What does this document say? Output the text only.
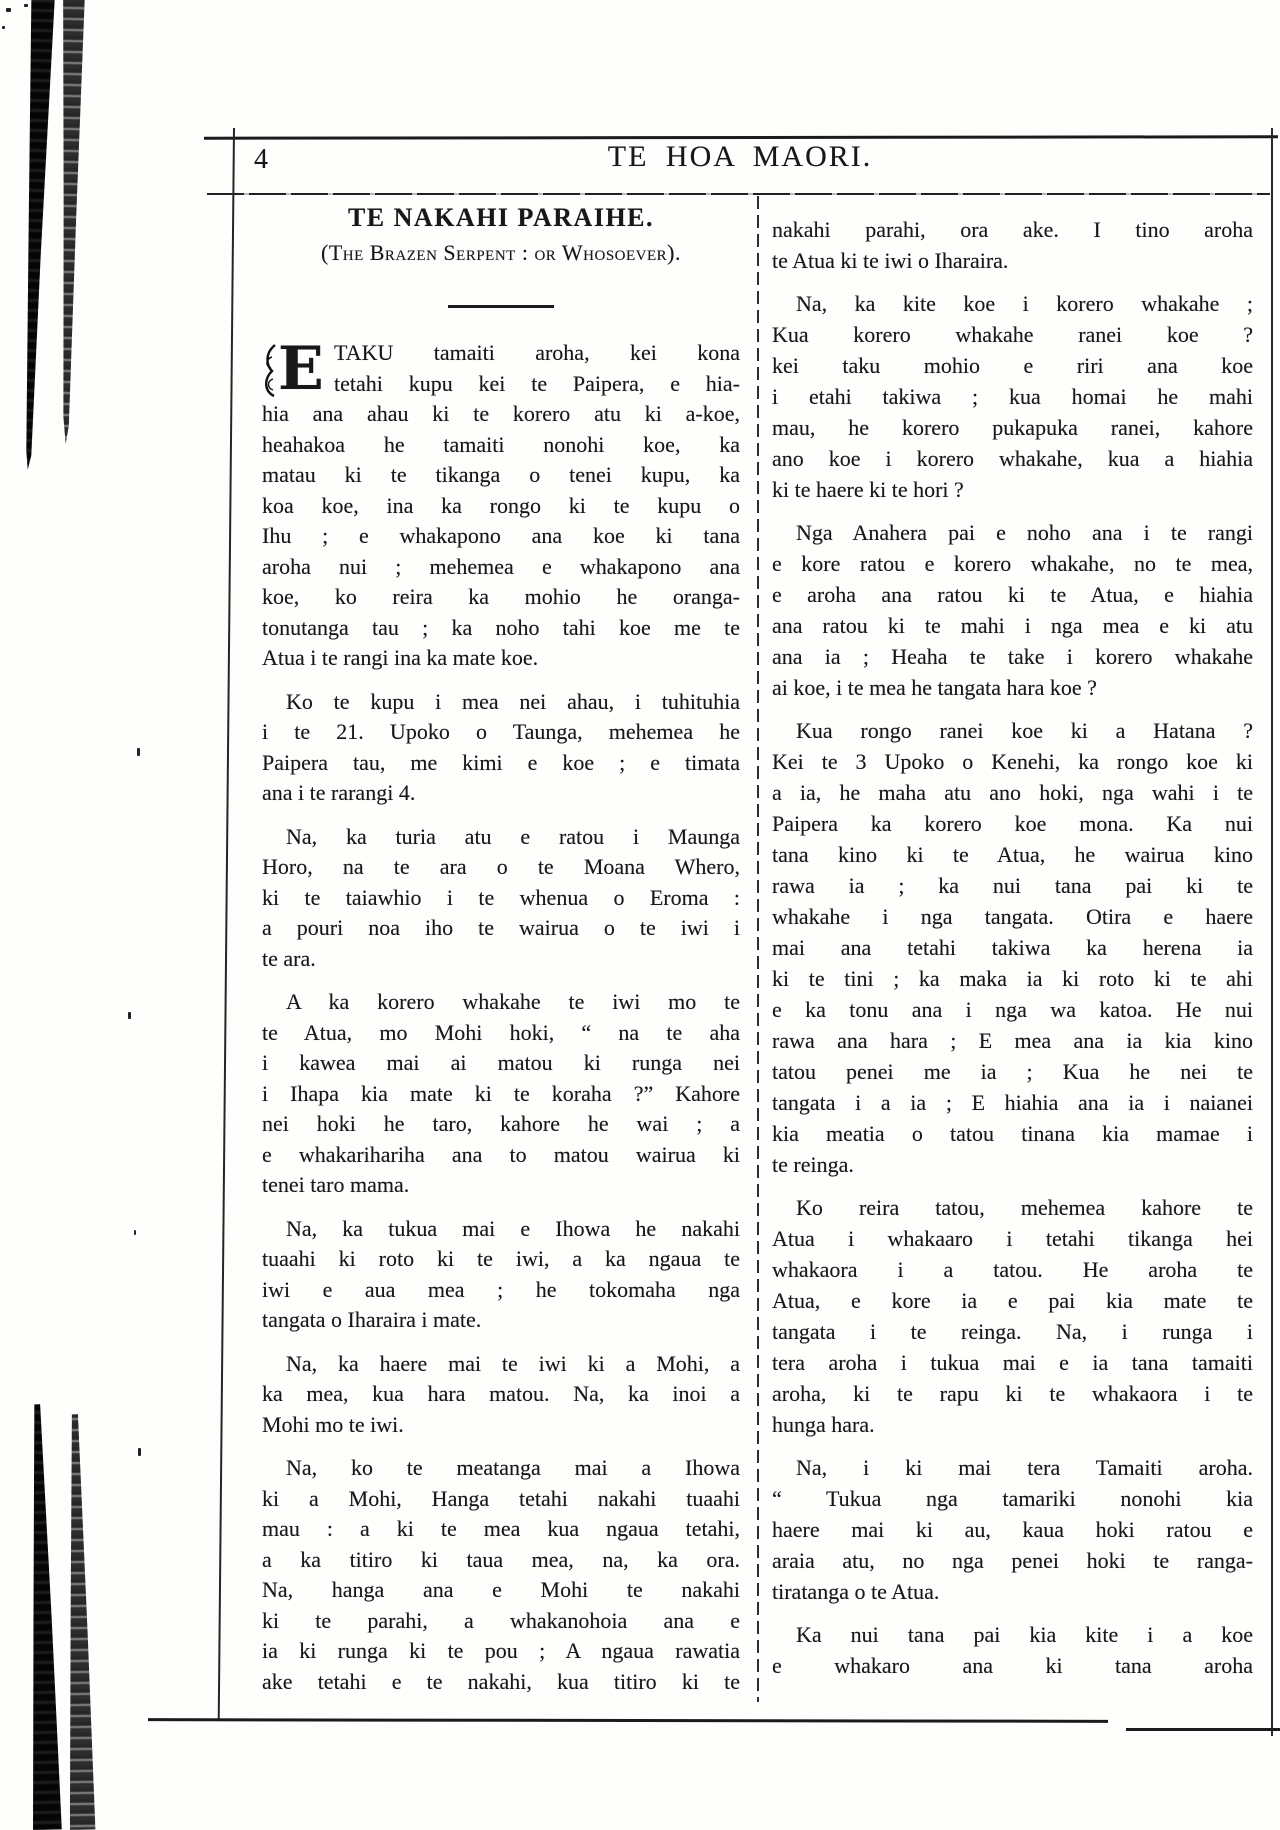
4	TE HOA MAORI.
TE NAKAHI PARAIHE.
(The Brazen Serpent : or Whosoever).
E TAKU tamaiti aroha, kei kona
tetahi kupu kei te Paipera, e hia-
hia ana ahau ki te korero atu ki a-koe,
heahakoa he tamaiti nonohi koe, ka
matau ki te tikanga o tenei kupu, ka
koa koe, ina ka rongo ki te kupu o
Ihu ; e whakapono ana koe ki tana
aroha nui ; mehemea e whakapono ana
koe, ko reira ka mohio he oranga-
tonutanga tau ; ka noho tahi koe me te
Atua i te rangi ina ka mate koe.
Ko te kupu i mea nei ahau, i tuhituhia
i te 21. Upoko o Taunga, mehemea he
Paipera tau, me kimi e koe ; e timata
ana i te rarangi 4.
Na, ka turia atu e ratou i Maunga
Horo, na te ara o te Moana Whero,
ki te taiawhio i te whenua o Eroma :
a pouri noa iho te wairua o te iwi i
te ara.
A ka korero whakahe te iwi mo te
te Atua, mo Mohi hoki, “ na te aha
i kawea mai ai matou ki runga nei
i Ihapa kia mate ki te koraha ?” Kahore
nei hoki he taro, kahore he wai ; a
e whakarihariha ana to matou wairua ki
tenei taro mama.
Na, ka tukua mai e Ihowa he nakahi
tuaahi ki roto ki te iwi, a ka ngaua te
iwi e aua mea ; he tokomaha nga
tangata o Iharaira i mate.
Na, ka haere mai te iwi ki a Mohi, a
ka mea, kua hara matou. Na, ka inoi a
Mohi mo te iwi.
Na, ko te meatanga mai a Ihowa
ki a Mohi, Hanga tetahi nakahi tuaahi
mau : a ki te mea kua ngaua tetahi,
a ka titiro ki taua mea, na, ka ora.
Na, hanga ana e Mohi te nakahi
ki te parahi, a whakanohoia ana e
ia ki runga ki te pou ; A ngaua rawatia
ake tetahi e te nakahi, kua titiro ki te
nakahi parahi, ora ake. I tino aroha
te Atua ki te iwi o Iharaira.
Na, ka kite koe i korero whakahe ;
Kua korero whakahe ranei koe ?
kei taku mohio e riri ana koe
i etahi takiwa ; kua homai he mahi
mau, he korero pukapuka ranei, kahore
ano koe i korero whakahe, kua a hiahia
ki te haere ki te hori ?
Nga Anahera pai e noho ana i te rangi
e kore ratou e korero whakahe, no te mea,
e aroha ana ratou ki te Atua, e hiahia
ana ratou ki te mahi i nga mea e ki atu
ana ia ; Heaha te take i korero whakahe
ai koe, i te mea he tangata hara koe ?
Kua rongo ranei koe ki a Hatana ?
Kei te 3 Upoko o Kenehi, ka rongo koe ki
a ia, he maha atu ano hoki, nga wahi i te
Paipera ka korero koe mona. Ka nui
tana kino ki te Atua, he wairua kino
rawa ia ; ka nui tana pai ki te
whakahe i nga tangata. Otira e haere
mai ana tetahi takiwa ka herena ia
ki te tini ; ka maka ia ki roto ki te ahi
e ka tonu ana i nga wa katoa. He nui
rawa ana hara ; E mea ana ia kia kino
tatou penei me ia ; Kua he nei te
tangata i a ia ; E hiahia ana ia i naianei
kia meatia o tatou tinana kia mamae i
te reinga.
Ko reira tatou, mehemea kahore te
Atua i whakaaro i tetahi tikanga hei
whakaora i a tatou. He aroha te
Atua, e kore ia e pai kia mate te
tangata i te reinga. Na, i runga i
tera aroha i tukua mai e ia tana tamaiti
aroha, ki te rapu ki te whakaora i te
hunga hara.
Na, i ki mai tera Tamaiti aroha.
“ Tukua nga tamariki nonohi kia
haere mai ki au, kaua hoki ratou e
araia atu, no nga penei hoki te ranga-
tiratanga o te Atua.
Ka nui tana pai kia kite i a koe
e whakaro ana ki tana aroha
